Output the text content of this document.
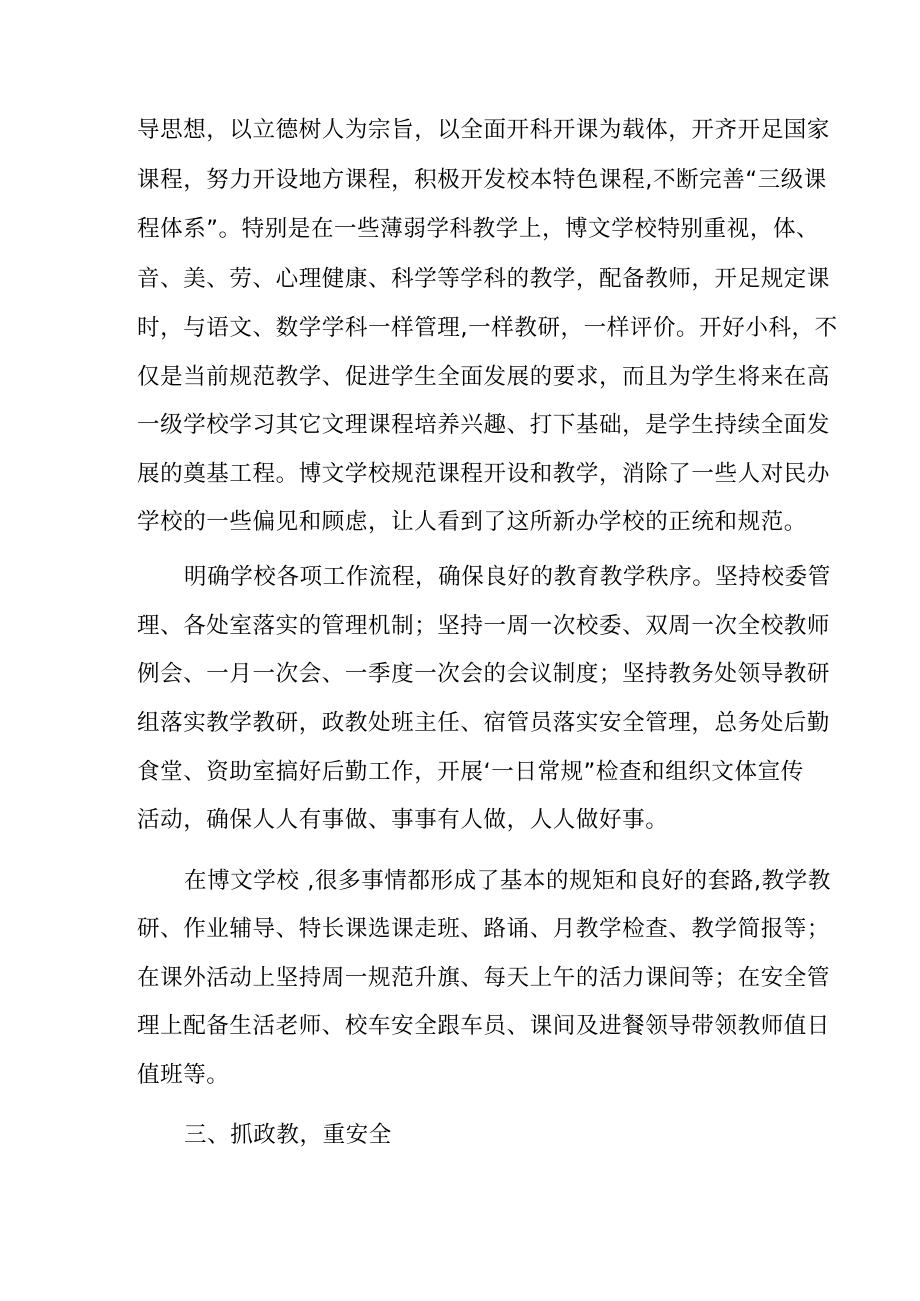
导思想，以立德树人为宗旨，以全面开科开课为载体，开齐开足国家
课程，努力开设地方课程，积极开发校本特色课程,不断完善“三级课
程体系”。特别是在一些薄弱学科教学上，博文学校特别重视，体、
音、美、劳、心理健康、科学等学科的教学，配备教师，开足规定课
时，与语文、数学学科一样管理,一样教研，一样评价。开好小科，不
仅是当前规范教学、促进学生全面发展的要求，而且为学生将来在高
一级学校学习其它文理课程培养兴趣、打下基础，是学生持续全面发
展的奠基工程。博文学校规范课程开设和教学，消除了一些人对民办
学校的一些偏见和顾虑，让人看到了这所新办学校的正统和规范。
明确学校各项工作流程，确保良好的教育教学秩序。坚持校委管
理、各处室落实的管理机制；坚持一周一次校委、双周一次全校教师
例会、一月一次会、一季度一次会的会议制度；坚持教务处领导教研
组落实教学教研，政教处班主任、宿管员落实安全管理，总务处后勤
食堂、资助室搞好后勤工作，开展‘一日常规”检查和组织文体宣传
活动，确保人人有事做、事事有人做，人人做好事。
在博文学校 ,很多事情都形成了基本的规矩和良好的套路,教学教
研、作业辅导、特长课选课走班、路诵、月教学检查、教学简报等；
在课外活动上坚持周一规范升旗、每天上午的活力课间等；在安全管
理上配备生活老师、校车安全跟车员、课间及进餐领导带领教师值日
值班等。
三、抓政教，重安全
